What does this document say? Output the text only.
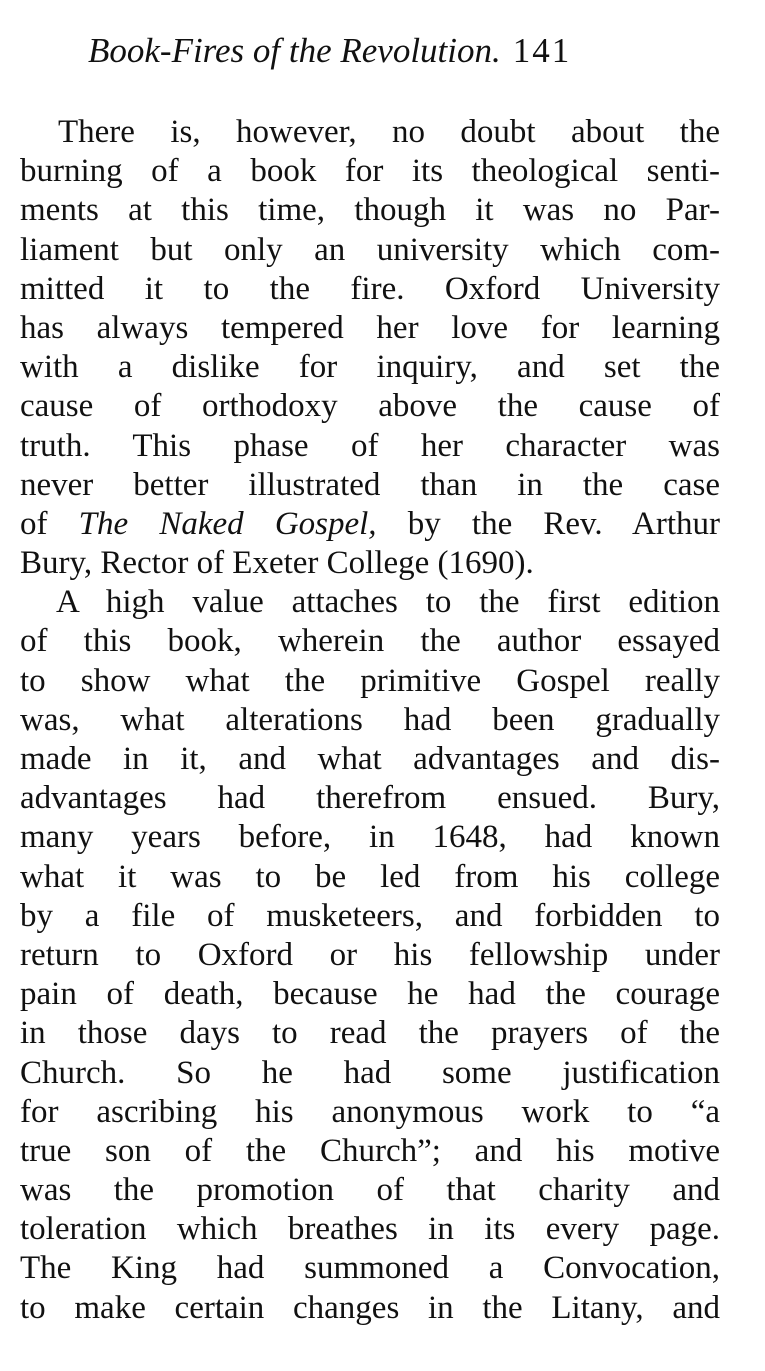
Book-Fires of the Revolution. 141
There is, however, no doubt about the
burning of a book for its theological senti-
ments at this time, though it was no Par-
liament but only an university which com-
mitted it to the fire. Oxford University
has always tempered her love for learning
with a dislike for inquiry, and set the
cause of orthodoxy above the cause of
truth. This phase of her character was
never better illustrated than in the case
of The Naked Gospel, by the Rev. Arthur
Bury, Rector of Exeter College (1690).
A high value attaches to the first edition
of this book, wherein the author essayed
to show what the primitive Gospel really
was, what alterations had been gradually
made in it, and what advantages and dis-
advantages had therefrom ensued. Bury,
many years before, in 1648, had known
what it was to be led from his college
by a file of musketeers, and forbidden to
return to Oxford or his fellowship under
pain of death, because he had the courage
in those days to read the prayers of the
Church. So he had some justification
for ascribing his anonymous work to “a
true son of the Church”; and his motive
was the promotion of that charity and
toleration which breathes in its every page.
The King had summoned a Convocation,
to make certain changes in the Litany, and
